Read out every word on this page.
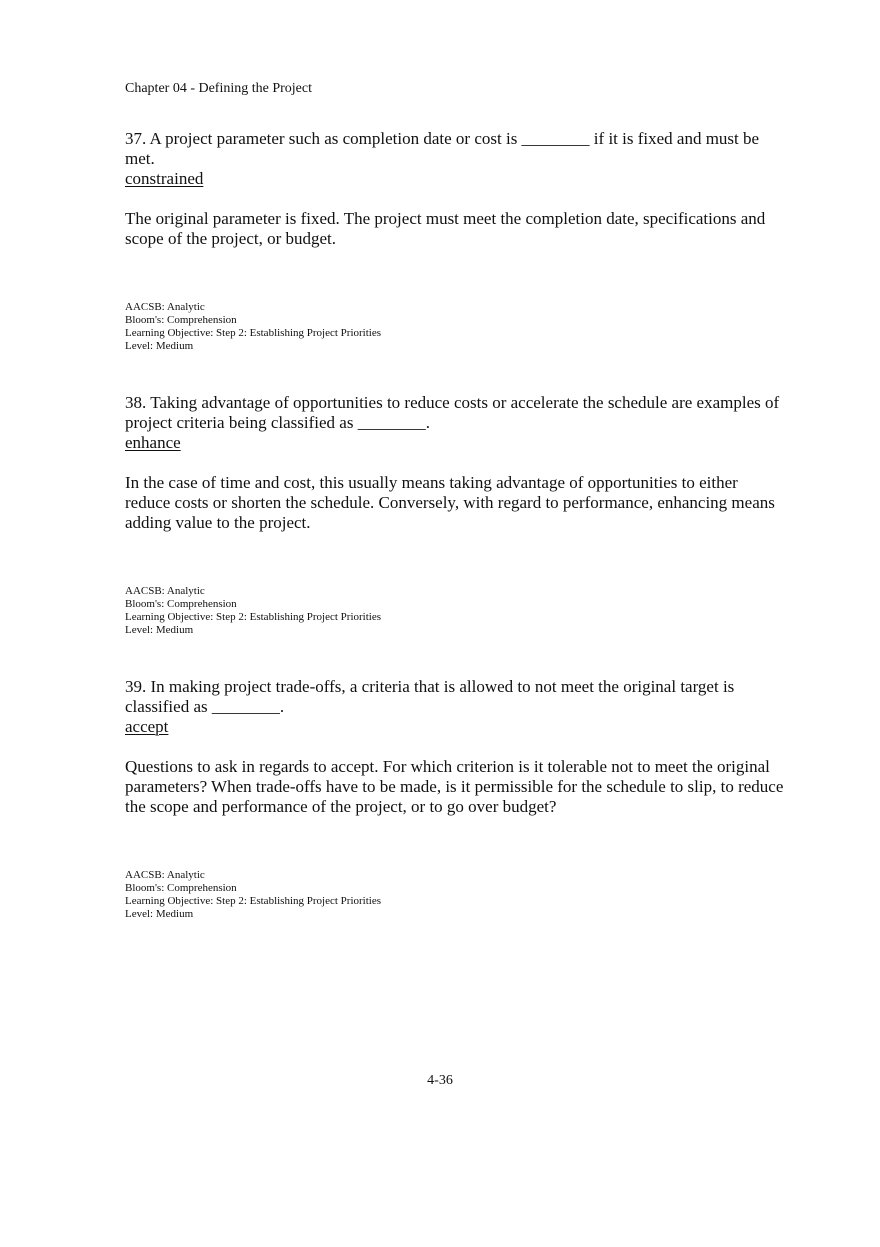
Chapter 04 - Defining the Project

37. A project parameter such as completion date or cost is ________ if it is fixed and must be met.

constrained

The original parameter is fixed. The project must meet the completion date, specifications and scope of the project, or budget.

AACSB: Analytic
Bloom's: Comprehension
Learning Objective: Step 2: Establishing Project Priorities
Level: Medium

38. Taking advantage of opportunities to reduce costs or accelerate the schedule are examples of project criteria being classified as ________.

enhance

In the case of time and cost, this usually means taking advantage of opportunities to either reduce costs or shorten the schedule. Conversely, with regard to performance, enhancing means adding value to the project.

AACSB: Analytic
Bloom's: Comprehension
Learning Objective: Step 2: Establishing Project Priorities
Level: Medium

39. In making project trade-offs, a criteria that is allowed to not meet the original target is classified as ________.

accept

Questions to ask in regards to accept. For which criterion is it tolerable not to meet the original parameters? When trade-offs have to be made, is it permissible for the schedule to slip, to reduce the scope and performance of the project, or to go over budget?

AACSB: Analytic
Bloom's: Comprehension
Learning Objective: Step 2: Establishing Project Priorities
Level: Medium
4-36
